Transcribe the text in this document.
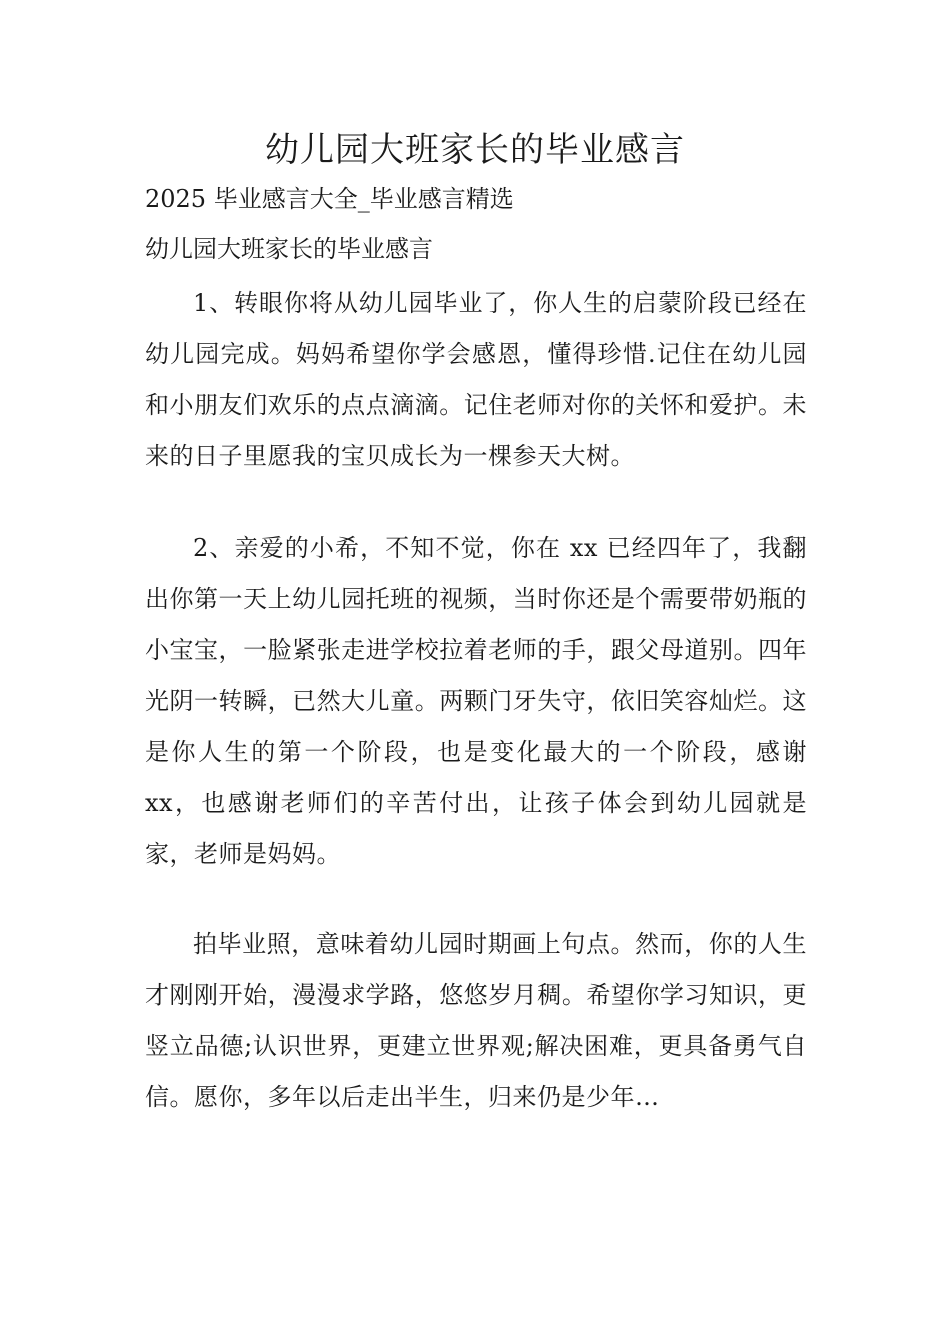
幼儿园大班家长的毕业感言

2025 毕业感言大全_毕业感言精选

幼儿园大班家长的毕业感言

1、转眼你将从幼儿园毕业了，你人生的启蒙阶段已经在幼儿园完成。妈妈希望你学会感恩，懂得珍惜.记住在幼儿园和小朋友们欢乐的点点滴滴。记住老师对你的关怀和爱护。未来的日子里愿我的宝贝成长为一棵参天大树。

2、亲爱的小希，不知不觉，你在 xx 已经四年了，我翻出你第一天上幼儿园托班的视频，当时你还是个需要带奶瓶的小宝宝，一脸紧张走进学校拉着老师的手，跟父母道别。四年光阴一转瞬，已然大儿童。两颗门牙失守，依旧笑容灿烂。这是你人生的第一个阶段，也是变化最大的一个阶段，感谢 xx，也感谢老师们的辛苦付出，让孩子体会到幼儿园就是家，老师是妈妈。

拍毕业照，意味着幼儿园时期画上句点。然而，你的人生才刚刚开始，漫漫求学路，悠悠岁月稠。希望你学习知识，更竖立品德;认识世界，更建立世界观;解决困难，更具备勇气自信。愿你，多年以后走出半生，归来仍是少年…
